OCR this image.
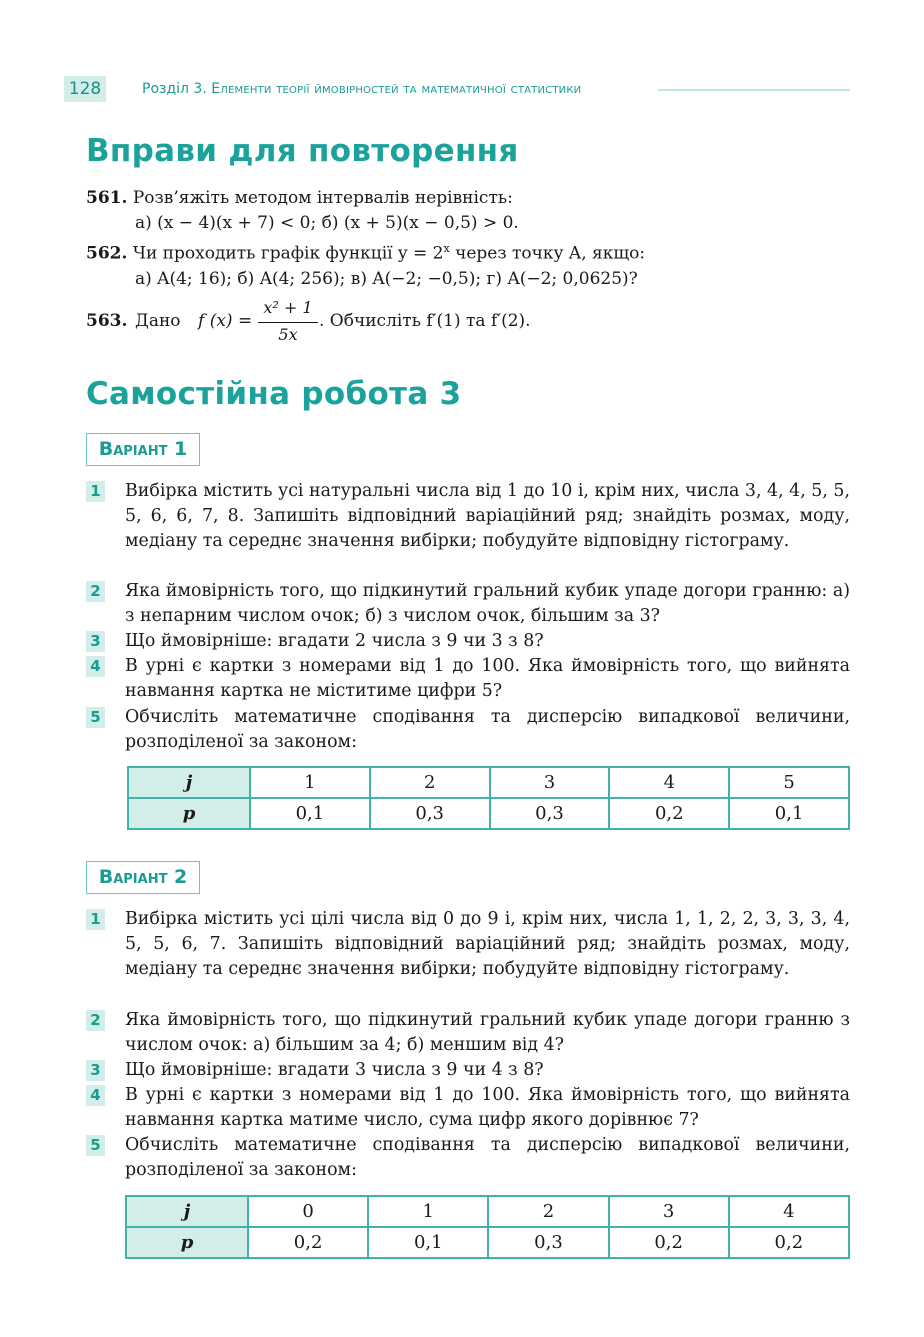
128	Розділ 3. Елементи теорії ймовірностей та математичної статистики
Вправи для повторення
561. Розв’яжіть методом інтервалів нерівність:
а) (x − 4)(x + 7) < 0; б) (x + 5)(x − 0,5) > 0.
562. Чи проходить графік функції $y = 2^x$ через точку A, якщо:
а) A(4; 16); б) A(4; 256); в) A(−2; −0,5); г) A(−2; 0,0625)?
563. Дано f (x) =
x² + 1
5x
. Обчисліть f′(1) та f′(2).
Самостійна робота 3
Варіант 1
1 Вибірка містить усі натуральні числа від 1 до 10 і, крім них, числа 3, 4, 4, 5, 5, 5, 6, 6, 7, 8. Запишіть відповідний варіаційний ряд; знайдіть розмах, моду, медіану та середнє значення вибірки; побудуйте відповідну гістограму.
2 Яка ймовірність того, що підкинутий гральний кубик упаде догори гранню: а) з непарним числом очок; б) з числом очок, більшим за 3?
3 Що ймовірніше: вгадати 2 числа з 9 чи 3 з 8?
4 В урні є картки з номерами від 1 до 100. Яка ймовірність того, що вийнята навмання картка не міститиме цифри 5?
5 Обчисліть математичне сподівання та дисперсію випадкової величини, розподіленої за законом:
j	1	2	3	4	5
p	0,1	0,3	0,3	0,2	0,1
Варіант 2
1 Вибірка містить усі цілі числа від 0 до 9 і, крім них, числа 1, 1, 2, 2, 3, 3, 3, 4, 5, 5, 6, 7. Запишіть відповідний варіаційний ряд; знайдіть розмах, моду, медіану та середнє значення вибірки; побудуйте відповідну гістограму.
2 Яка ймовірність того, що підкинутий гральний кубик упаде догори гранню з числом очок: а) більшим за 4; б) меншим від 4?
3 Що ймовірніше: вгадати 3 числа з 9 чи 4 з 8?
4 В урні є картки з номерами від 1 до 100. Яка ймовірність того, що вийнята навмання картка матиме число, сума цифр якого дорівнює 7?
5 Обчисліть математичне сподівання та дисперсію випадкової величини, розподіленої за законом:
j	0	1	2	3	4
p	0,2	0,1	0,3	0,2	0,2
